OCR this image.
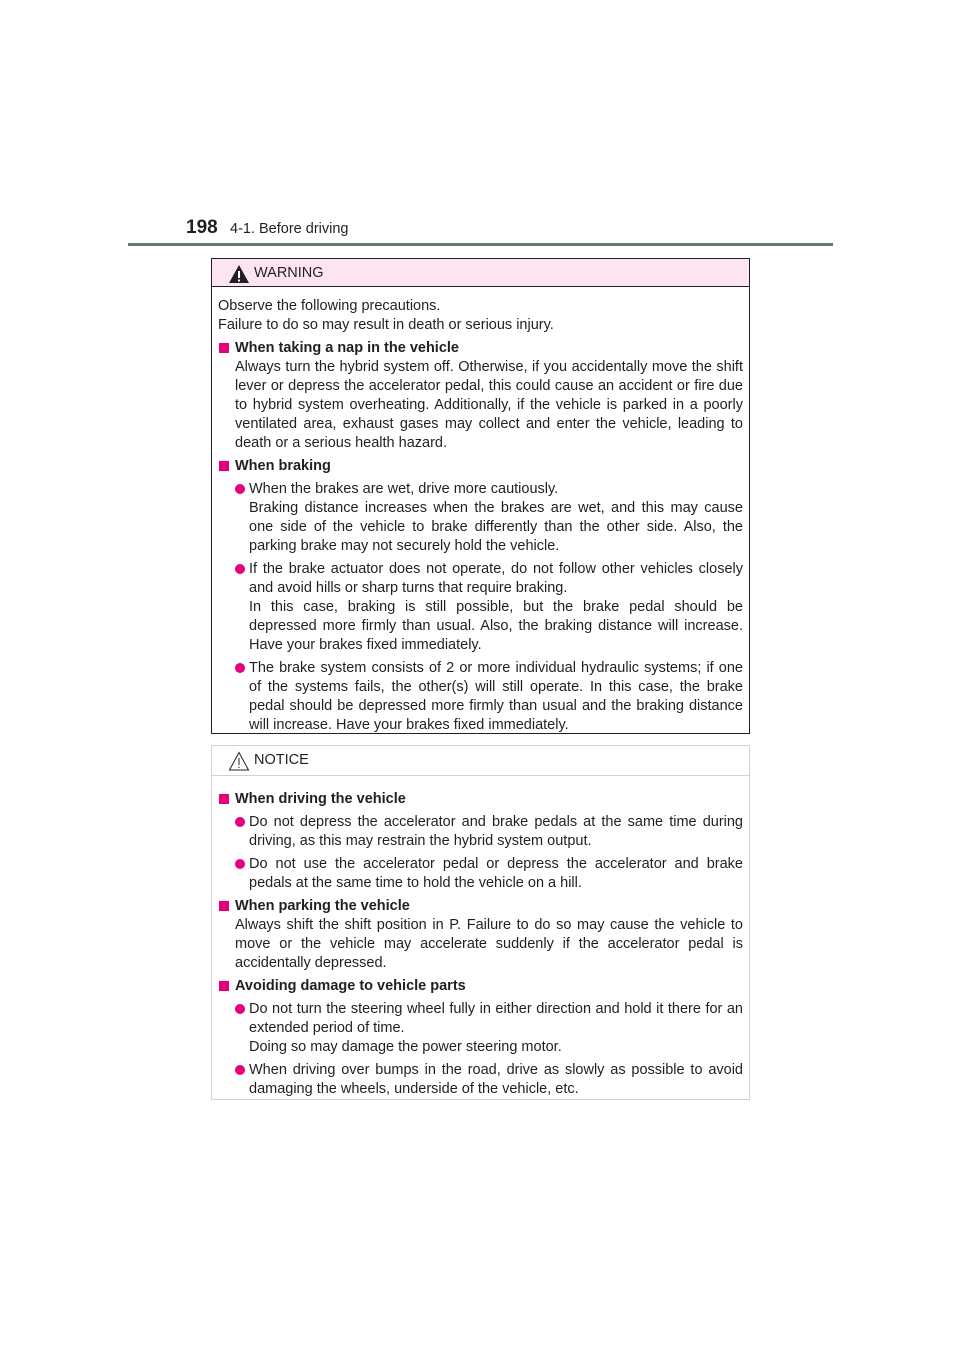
198 4-1. Before driving
WARNING

Observe the following precautions.

Failure to do so may result in death or serious injury.

When taking a nap in the vehicle

Always turn the hybrid system off. Otherwise, if you accidentally move the shift lever or depress the accelerator pedal, this could cause an accident or fire due to hybrid system overheating. Additionally, if the vehicle is parked in a poorly ventilated area, exhaust gases may collect and enter the vehicle, leading to death or a serious health hazard.

When braking

When the brakes are wet, drive more cautiously.

Braking distance increases when the brakes are wet, and this may cause one side of the vehicle to brake differently than the other side. Also, the parking brake may not securely hold the vehicle.

If the brake actuator does not operate, do not follow other vehicles closely and avoid hills or sharp turns that require braking.

In this case, braking is still possible, but the brake pedal should be depressed more firmly than usual. Also, the braking distance will increase. Have your brakes fixed immediately.

The brake system consists of 2 or more individual hydraulic systems; if one of the systems fails, the other(s) will still operate. In this case, the brake pedal should be depressed more firmly than usual and the braking distance will increase. Have your brakes fixed immediately.

NOTICE
When driving the vehicle

Do not depress the accelerator and brake pedals at the same time during driving, as this may restrain the hybrid system output.

Do not use the accelerator pedal or depress the accelerator and brake pedals at the same time to hold the vehicle on a hill.

When parking the vehicle

Always shift the shift position in P. Failure to do so may cause the vehicle to move or the vehicle may accelerate suddenly if the accelerator pedal is accidentally depressed.

Avoiding damage to vehicle parts

Do not turn the steering wheel fully in either direction and hold it there for an extended period of time.

Doing so may damage the power steering motor.

When driving over bumps in the road, drive as slowly as possible to avoid damaging the wheels, underside of the vehicle, etc.
